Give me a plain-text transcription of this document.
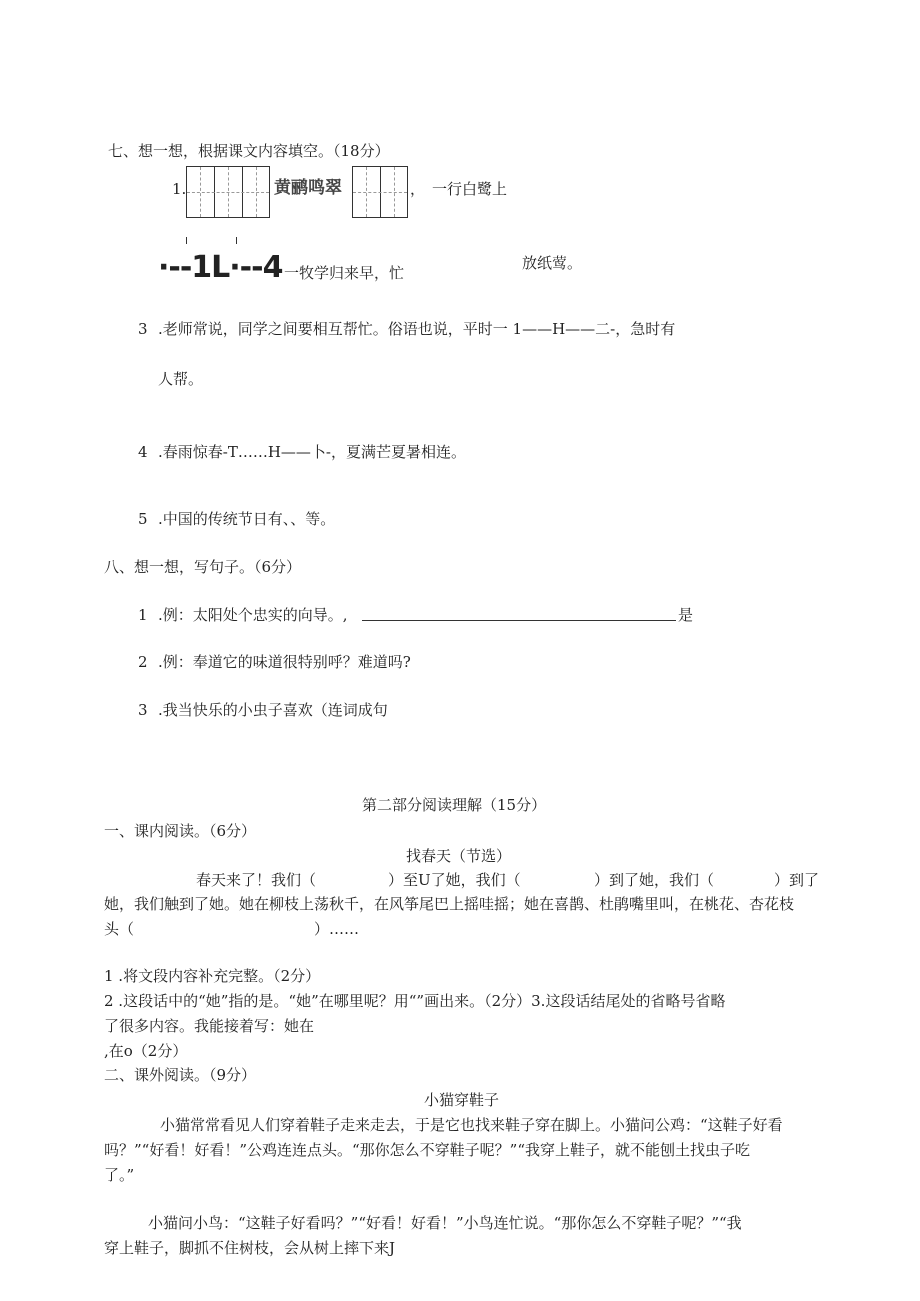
七、想一想，根据课文内容填空。（18分）
1.	黄鹂鸣翠	， 一行白鹭上
·--1L·--4 一牧学归来早，忙
放纸莺。
3 .老师常说，同学之间要相互帮忙。俗语也说，平时一 1——H——二-，急时有
人帮。
4 .春雨惊春-T……H——卜-，夏满芒夏暑相连。
5 .中国的传统节日有、、等。
八、想一想，写句子。（6分）
1 .例：太阳处个忠实的向导。,	是
2 .例：奉道它的味道很特别呼？难道吗?
3 .我当快乐的小虫子喜欢（连词成句
第二部分阅读理解（15分）
一、课内阅读。（6分）
找春天（节选）
春天来了！我们（	）至U了她，我们（	）到了她，我们（	）到了
她，我们触到了她。她在柳枝上荡秋千，在风筝尾巴上摇哇摇；她在喜鹊、杜鹃嘴里叫，在桃花、杏花枝
头（	）……
1 .将文段内容补充完整。（2分）
2 .这段话中的“她”指的是。“她”在哪里呢？用“”画出来。（2分）3.这段话结尾处的省略号省略
了很多内容。我能接着写：她在
,在o（2分）
二、课外阅读。（9分）
小猫穿鞋子
小猫常常看见人们穿着鞋子走来走去，于是它也找来鞋子穿在脚上。小猫问公鸡：“这鞋子好看
吗？”“好看！好看！”公鸡连连点头。“那你怎么不穿鞋子呢？”“我穿上鞋子，就不能刨土找虫子吃
了。”
小猫问小鸟：“这鞋子好看吗？”“好看！好看！”小鸟连忙说。“那你怎么不穿鞋子呢？”“我
穿上鞋子，脚抓不住树枝，会从树上摔下来J
